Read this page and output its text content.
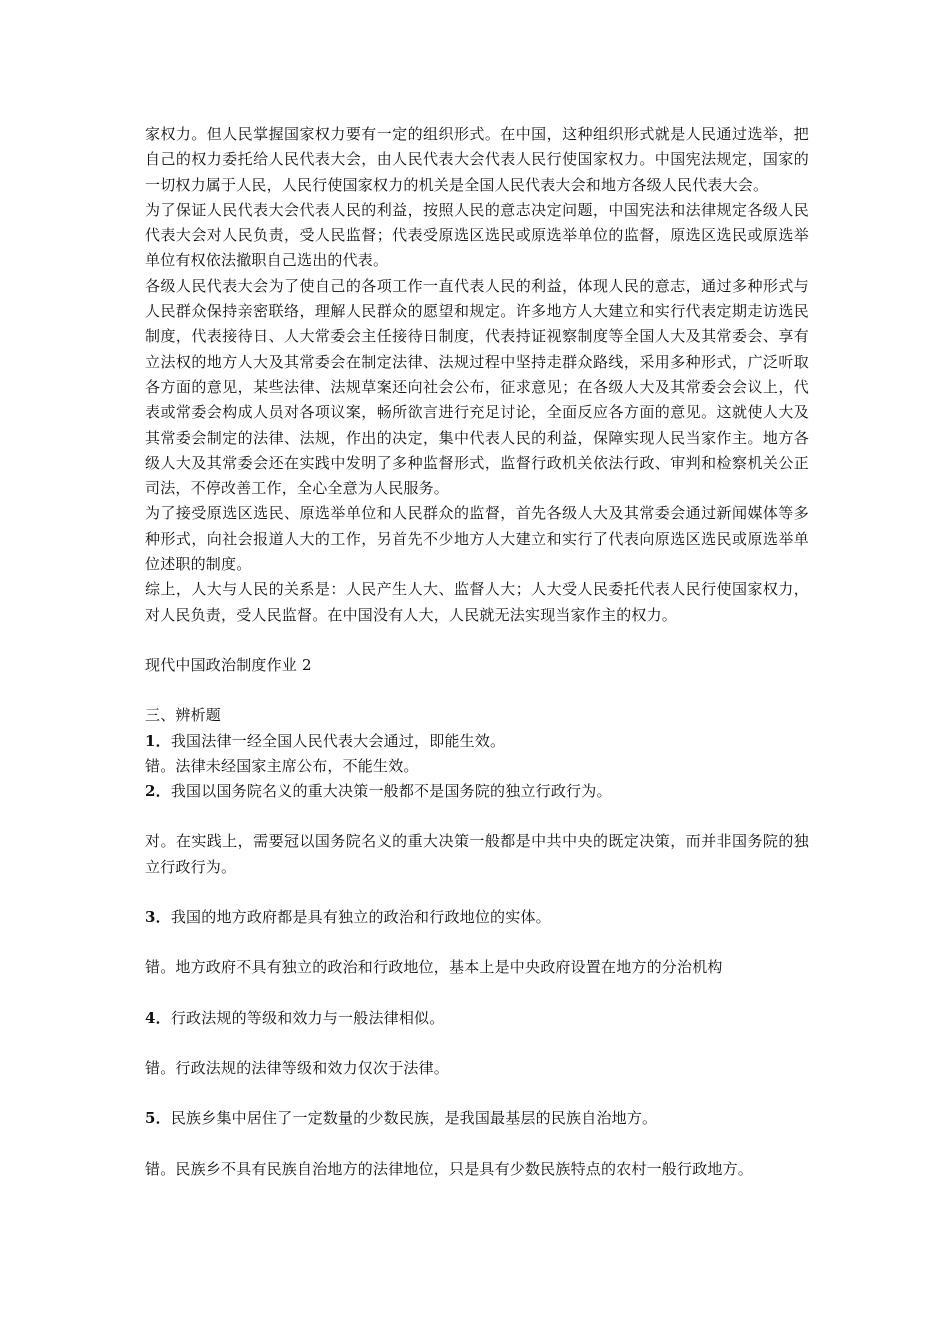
家权力。但人民掌握国家权力要有一定的组织形式。在中国，这种组织形式就是人民通过选举，把自己的权力委托给人民代表大会，由人民代表大会代表人民行使国家权力。中国宪法规定，国家的一切权力属于人民，人民行使国家权力的机关是全国人民代表大会和地方各级人民代表大会。

为了保证人民代表大会代表人民的利益，按照人民的意志决定问题，中国宪法和法律规定各级人民代表大会对人民负责，受人民监督；代表受原选区选民或原选举单位的监督，原选区选民或原选举单位有权依法撤职自己选出的代表。

各级人民代表大会为了使自己的各项工作一直代表人民的利益，体现人民的意志，通过多种形式与人民群众保持亲密联络，理解人民群众的愿望和规定。许多地方人大建立和实行代表定期走访选民制度，代表接待日、人大常委会主任接待日制度，代表持证视察制度等全国人大及其常委会、享有立法权的地方人大及其常委会在制定法律、法规过程中坚持走群众路线，采用多种形式，广泛听取各方面的意见，某些法律、法规草案还向社会公布，征求意见；在各级人大及其常委会会议上，代表或常委会构成人员对各项议案，畅所欲言进行充足讨论，全面反应各方面的意见。这就使人大及其常委会制定的法律、法规，作出的决定，集中代表人民的利益，保障实现人民当家作主。地方各级人大及其常委会还在实践中发明了多种监督形式，监督行政机关依法行政、审判和检察机关公正司法，不停改善工作，全心全意为人民服务。

为了接受原选区选民、原选举单位和人民群众的监督，首先各级人大及其常委会通过新闻媒体等多种形式，向社会报道人大的工作，另首先不少地方人大建立和实行了代表向原选区选民或原选举单位述职的制度。

综上，人大与人民的关系是：人民产生人大、监督人大；人大受人民委托代表人民行使国家权力，对人民负责，受人民监督。在中国没有人大，人民就无法实现当家作主的权力。

现代中国政治制度作业 2

三、辨析题

1．我国法律一经全国人民代表大会通过，即能生效。

错。法律未经国家主席公布，不能生效。

2．我国以国务院名义的重大决策一般都不是国务院的独立行政行为。

对。在实践上，需要冠以国务院名义的重大决策一般都是中共中央的既定决策，而并非国务院的独立行政行为。

3．我国的地方政府都是具有独立的政治和行政地位的实体。

错。地方政府不具有独立的政治和行政地位，基本上是中央政府设置在地方的分治机构

4．行政法规的等级和效力与一般法律相似。

错。行政法规的法律等级和效力仅次于法律。

5．民族乡集中居住了一定数量的少数民族，是我国最基层的民族自治地方。

错。民族乡不具有民族自治地方的法律地位，只是具有少数民族特点的农村一般行政地方。
